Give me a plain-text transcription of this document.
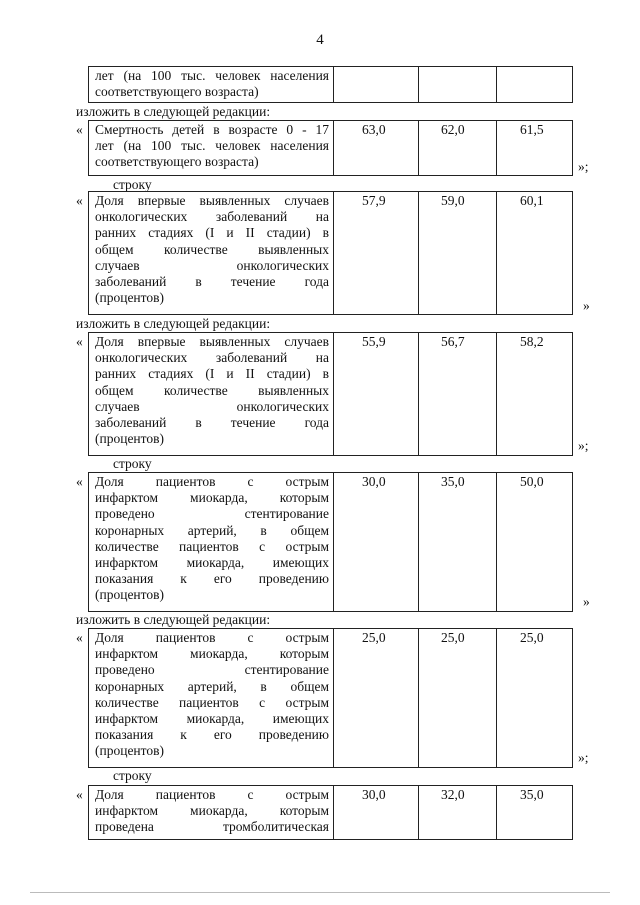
4
лет (на 100 тыс. человек населения
соответствующего возраста)
изложить в следующей редакции:
« Смертность детей в возрасте 0 - 17
лет (на 100 тыс. человек населения
соответствующего возраста)
63,0	62,0	61,5
»;
строку
« Доля впервые выявленных случаев
онкологических заболеваний на
ранних стадиях (I и II стадии) в
общем количестве выявленных
случаев онкологических
заболеваний в течение года
(процентов)
57,9	59,0	60,1
»
изложить в следующей редакции:
« Доля впервые выявленных случаев
онкологических заболеваний на
ранних стадиях (I и II стадии) в
общем количестве выявленных
случаев онкологических
заболеваний в течение года
(процентов)
55,9	56,7	58,2
»;
строку
« Доля пациентов с острым
инфарктом миокарда, которым
проведено стентирование
коронарных артерий, в общем
количестве пациентов с острым
инфарктом миокарда, имеющих
показания к его проведению
(процентов)
30,0	35,0	50,0
»
изложить в следующей редакции:
« Доля пациентов с острым
инфарктом миокарда, которым
проведено стентирование
коронарных артерий, в общем
количестве пациентов с острым
инфарктом миокарда, имеющих
показания к его проведению
(процентов)
25,0	25,0	25,0
»;
строку
« Доля пациентов с острым
инфарктом миокарда, которым
проведена тромболитическая
30,0	32,0	35,0
